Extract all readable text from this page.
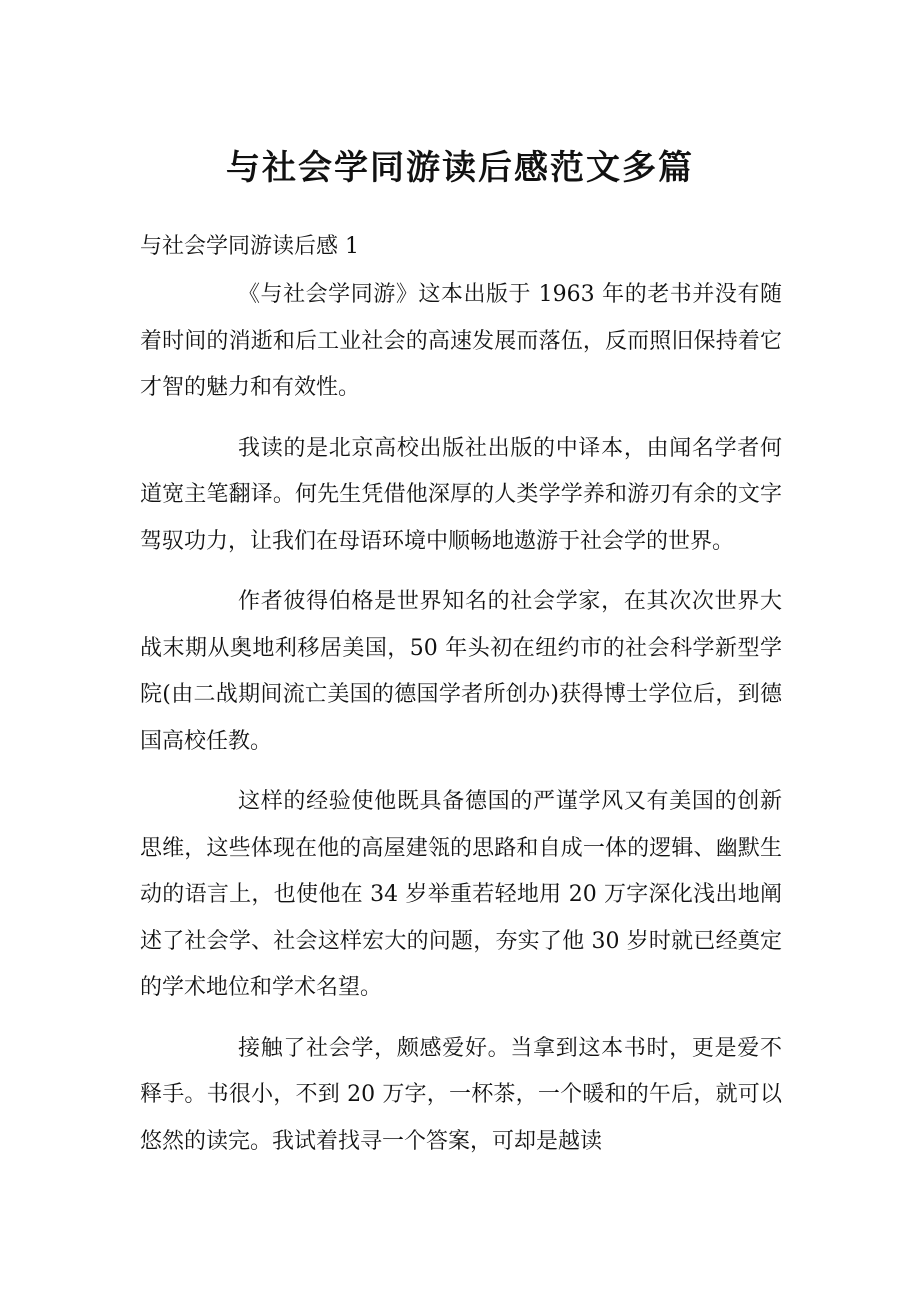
与社会学同游读后感范文多篇

与社会学同游读后感 1

《与社会学同游》这本出版于 1963 年的老书并没有随着时间的消逝和后工业社会的高速发展而落伍，反而照旧保持着它才智的魅力和有效性。

我读的是北京高校出版社出版的中译本，由闻名学者何道宽主笔翻译。何先生凭借他深厚的人类学学养和游刃有余的文字驾驭功力，让我们在母语环境中顺畅地遨游于社会学的世界。

作者彼得伯格是世界知名的社会学家，在其次次世界大战末期从奥地利移居美国，50 年头初在纽约市的社会科学新型学院(由二战期间流亡美国的德国学者所创办)获得博士学位后，到德国高校任教。

这样的经验使他既具备德国的严谨学风又有美国的创新思维，这些体现在他的高屋建瓴的思路和自成一体的逻辑、幽默生动的语言上，也使他在 34 岁举重若轻地用 20 万字深化浅出地阐述了社会学、社会这样宏大的问题，夯实了他 30 岁时就已经奠定的学术地位和学术名望。

接触了社会学，颇感爱好。当拿到这本书时，更是爱不释手。书很小，不到 20 万字，一杯茶，一个暖和的午后，就可以悠然的读完。我试着找寻一个答案，可却是越读
